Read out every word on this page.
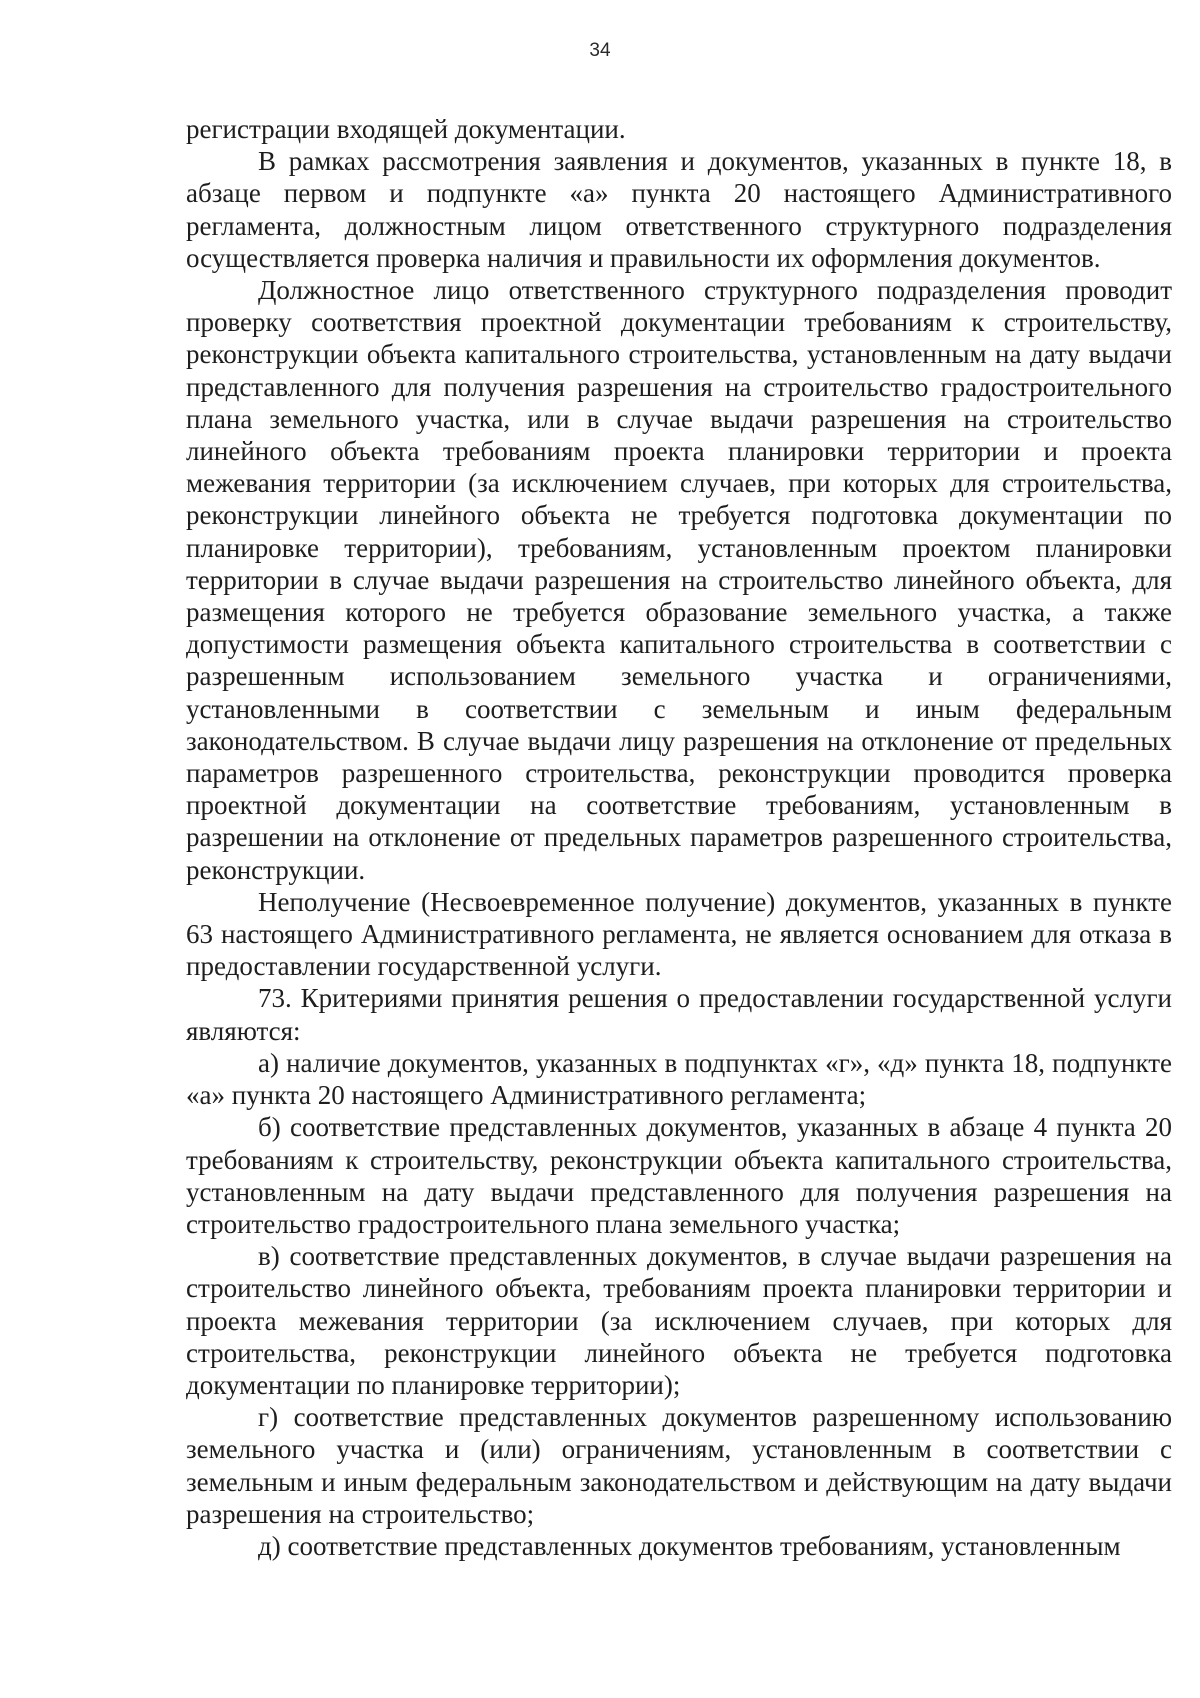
34

регистрации входящей документации.

В рамках рассмотрения заявления и документов, указанных в пункте 18, в абзаце первом и подпункте «а» пункта 20 настоящего Административного регламента, должностным лицом ответственного структурного подразделения осуществляется проверка наличия и правильности их оформления документов.

Должностное лицо ответственного структурного подразделения проводит проверку соответствия проектной документации требованиям к строительству, реконструкции объекта капитального строительства, установленным на дату выдачи представленного для получения разрешения на строительство градостроительного плана земельного участка, или в случае выдачи разрешения на строительство линейного объекта требованиям проекта планировки территории и проекта межевания территории (за исключением случаев, при которых для строительства, реконструкции линейного объекта не требуется подготовка документации по планировке территории), требованиям, установленным проектом планировки территории в случае выдачи разрешения на строительство линейного объекта, для размещения которого не требуется образование земельного участка, а также допустимости размещения объекта капитального строительства в соответствии с разрешенным использованием земельного участка и ограничениями, установленными в соответствии с земельным и иным федеральным законодательством. В случае выдачи лицу разрешения на отклонение от предельных параметров разрешенного строительства, реконструкции проводится проверка проектной документации на соответствие требованиям, установленным в разрешении на отклонение от предельных параметров разрешенного строительства, реконструкции.

Неполучение (Несвоевременное получение) документов, указанных в пункте 63 настоящего Административного регламента, не является основанием для отказа в предоставлении государственной услуги.

73. Критериями принятия решения о предоставлении государственной услуги являются:

а) наличие документов, указанных в подпунктах «г», «д» пункта 18, подпункте «а» пункта 20 настоящего Административного регламента;

б) соответствие представленных документов, указанных в абзаце 4 пункта 20 требованиям к строительству, реконструкции объекта капитального строительства, установленным на дату выдачи представленного для получения разрешения на строительство градостроительного плана земельного участка;

в) соответствие представленных документов, в случае выдачи разрешения на строительство линейного объекта, требованиям проекта планировки территории и проекта межевания территории (за исключением случаев, при которых для строительства, реконструкции линейного объекта не требуется подготовка документации по планировке территории);

г) соответствие представленных документов разрешенному использованию земельного участка и (или) ограничениям, установленным в соответствии с земельным и иным федеральным законодательством и действующим на дату выдачи разрешения на строительство;

д) соответствие представленных документов требованиям, установленным
